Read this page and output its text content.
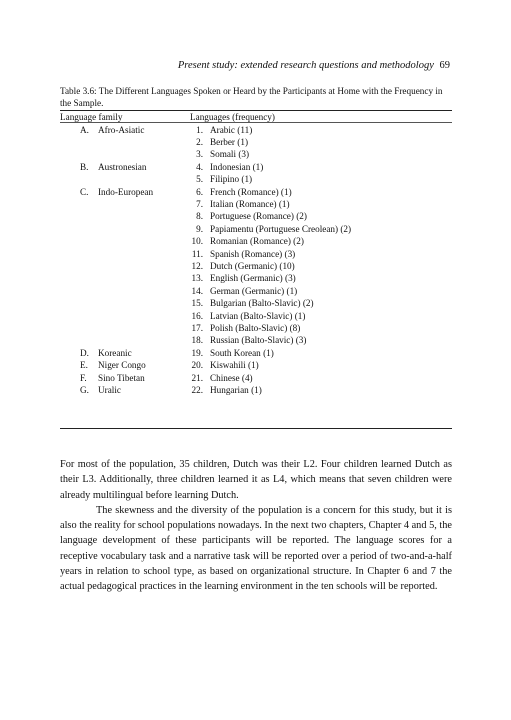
Present study: extended research questions and methodology 69
Table 3.6: The Different Languages Spoken or Heard by the Participants at Home with the Frequency in the Sample.
Language family	Languages (frequency)
A. Afro-Asiatic	1. Arabic (11)
2. Berber (1)
3. Somali (3)
B. Austronesian	4. Indonesian (1)
5. Filipino (1)
C. Indo-European	6. French (Romance) (1)
7. Italian (Romance) (1)
8. Portuguese (Romance) (2)
9. Papiamentu (Portuguese Creolean) (2)
10. Romanian (Romance) (2)
11. Spanish (Romance) (3)
12. Dutch (Germanic) (10)
13. English (Germanic) (3)
14. German (Germanic) (1)
15. Bulgarian (Balto-Slavic) (2)
16. Latvian (Balto-Slavic) (1)
17. Polish (Balto-Slavic) (8)
18. Russian (Balto-Slavic) (3)
D. Koreanic	19. South Korean (1)
E. Niger Congo	20. Kiswahili (1)
F. Sino Tibetan	21. Chinese (4)
G. Uralic	22. Hungarian (1)

For most of the population, 35 children, Dutch was their L2. Four children learned Dutch as their L3. Additionally, three children learned it as L4, which means that seven children were already multilingual before learning Dutch.

The skewness and the diversity of the population is a concern for this study, but it is also the reality for school populations nowadays. In the next two chapters, Chapter 4 and 5, the language development of these participants will be reported. The language scores for a receptive vocabulary task and a narrative task will be reported over a period of two-and-a-half years in relation to school type, as based on organizational structure. In Chapter 6 and 7 the actual pedagogical practices in the learning environment in the ten schools will be reported.
